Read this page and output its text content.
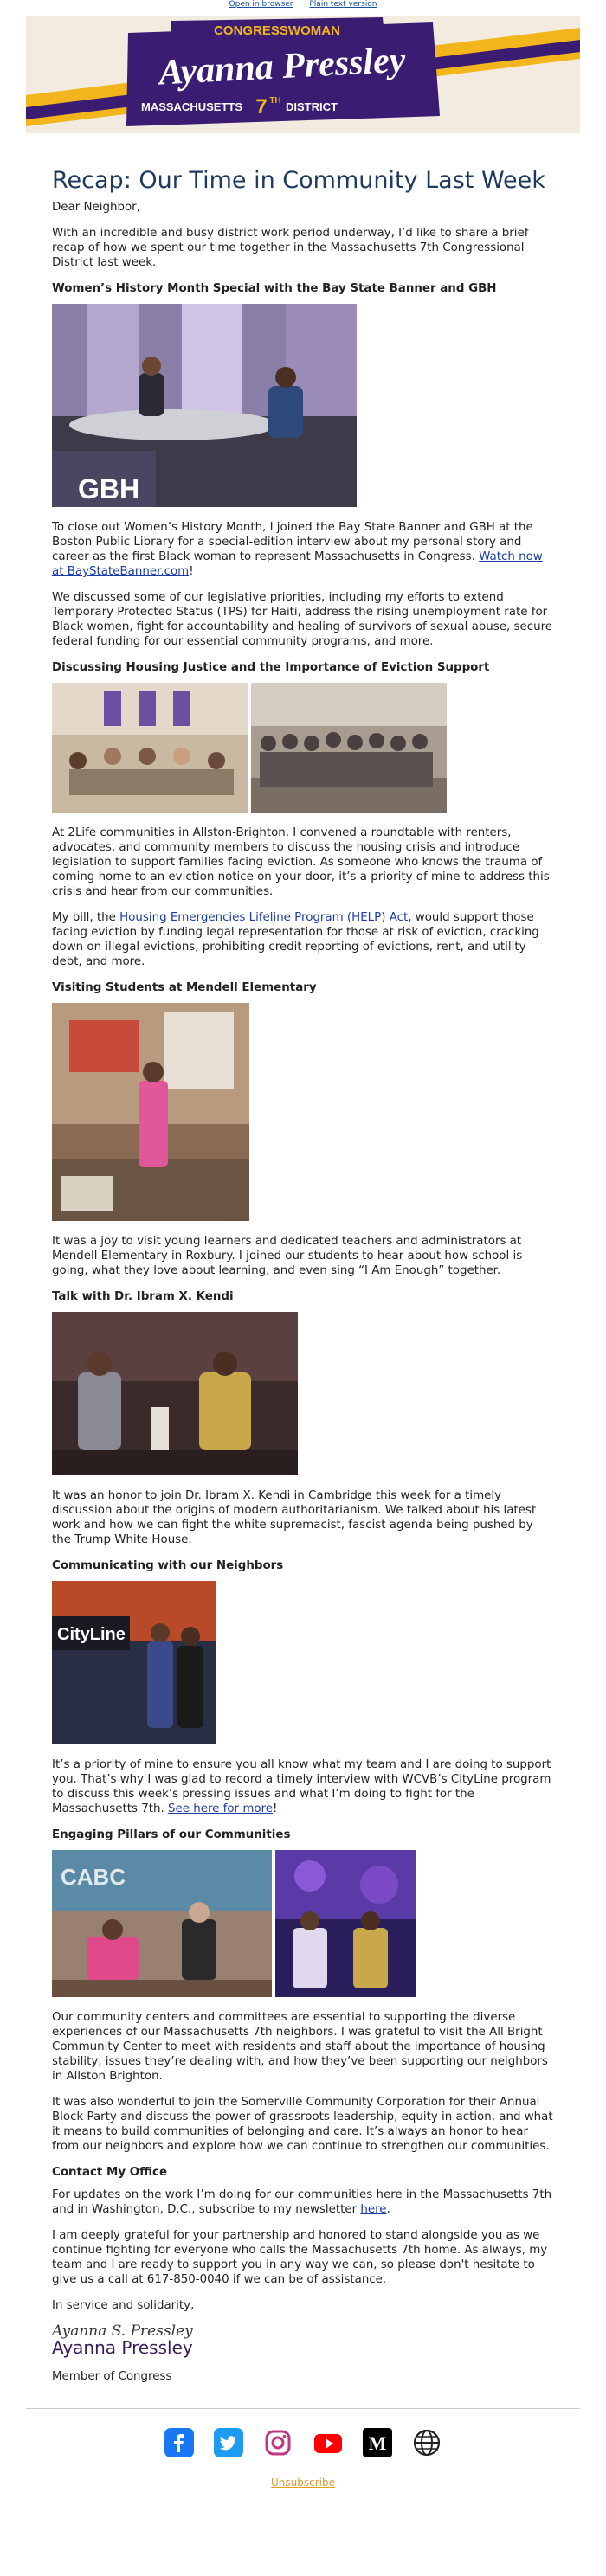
Open in browser Plain text version
CONGRESSWOMAN
Ayanna Pressley
MASSACHUSETTS 7 TH DISTRICT
Recap: Our Time in Community Last Week

Dear Neighbor,

With an incredible and busy district work period underway, I’d like to share a brief recap of how we spent our time together in the Massachusetts 7th Congressional District last week.

Women’s History Month Special with the Bay State Banner and GBH
GBH

To close out Women’s History Month, I joined the Bay State Banner and GBH at the Boston Public Library for a special-edition interview about my personal story and career as the first Black woman to represent Massachusetts in Congress. Watch now at BayStateBanner.com!

We discussed some of our legislative priorities, including my efforts to extend Temporary Protected Status (TPS) for Haiti, address the rising unemployment rate for Black women, fight for accountability and healing of survivors of sexual abuse, secure federal funding for our essential community programs, and more.

Discussing Housing Justice and the Importance of Eviction Support

At 2Life communities in Allston-Brighton, I convened a roundtable with renters, advocates, and community members to discuss the housing crisis and introduce legislation to support families facing eviction. As someone who knows the trauma of coming home to an eviction notice on your door, it’s a priority of mine to address this crisis and hear from our communities.

My bill, the Housing Emergencies Lifeline Program (HELP) Act, would support those facing eviction by funding legal representation for those at risk of eviction, cracking down on illegal evictions, prohibiting credit reporting of evictions, rent, and utility debt, and more.

Visiting Students at Mendell Elementary

It was a joy to visit young learners and dedicated teachers and administrators at Mendell Elementary in Roxbury. I joined our students to hear about how school is going, what they love about learning, and even sing “I Am Enough” together.

Talk with Dr. Ibram X. Kendi

It was an honor to join Dr. Ibram X. Kendi in Cambridge this week for a timely discussion about the origins of modern authoritarianism. We talked about his latest work and how we can fight the white supremacist, fascist agenda being pushed by the Trump White House.

Communicating with our Neighbors
CityLine

It’s a priority of mine to ensure you all know what my team and I are doing to support you. That’s why I was glad to record a timely interview with WCVB’s CityLine program to discuss this week’s pressing issues and what I’m doing to fight for the Massachusetts 7th. See here for more!

Engaging Pillars of our Communities
CABC

Our community centers and committees are essential to supporting the diverse experiences of our Massachusetts 7th neighbors. I was grateful to visit the All Bright Community Center to meet with residents and staff about the importance of housing stability, issues they’re dealing with, and how they’ve been supporting our neighbors in Allston Brighton.

It was also wonderful to join the Somerville Community Corporation for their Annual Block Party and discuss the power of grassroots leadership, equity in action, and what it means to build communities of belonging and care. It’s always an honor to hear from our neighbors and explore how we can continue to strengthen our communities.

Contact My Office

For updates on the work I’m doing for our communities here in the Massachusetts 7th and in Washington, D.C., subscribe to my newsletter here.

I am deeply grateful for your partnership and honored to stand alongside you as we continue fighting for everyone who calls the Massachusetts 7th home. As always, my team and I are ready to support you in any way we can, so please don't hesitate to give us a call at 617-850-0040 if we can be of assistance.

In service and solidarity,

Ayanna S. Pressley
Ayanna Pressley

Member of Congress

M

Unsubscribe
